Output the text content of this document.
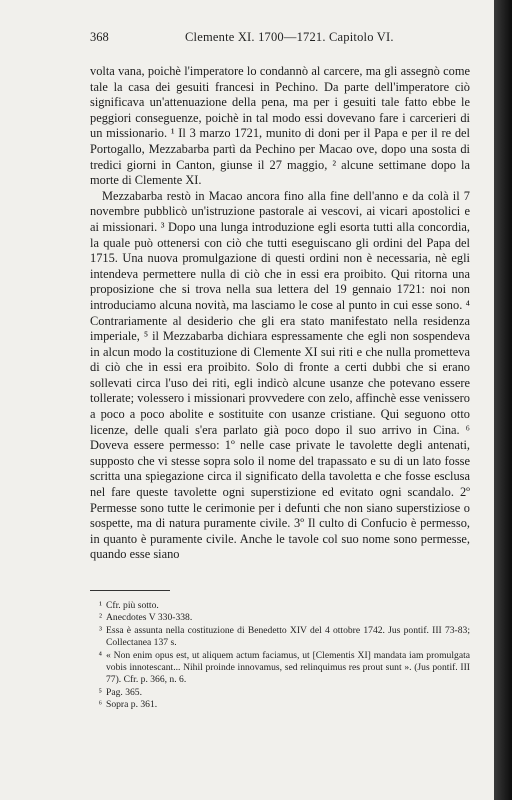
368	Clemente XI. 1700—1721. Capitolo VI.

volta vana, poichè l'imperatore lo condannò al carcere, ma gli assegnò come tale la casa dei gesuiti francesi in Pechino. Da parte dell'imperatore ciò significava un'attenuazione della pena, ma per i gesuiti tale fatto ebbe le peggiori conseguenze, poichè in tal modo essi dovevano fare i carcerieri di un missionario. ¹ Il 3 marzo 1721, munito di doni per il Papa e per il re del Portogallo, Mezzabarba partì da Pechino per Macao ove, dopo una sosta di tredici giorni in Canton, giunse il 27 maggio, ² alcune settimane dopo la morte di Clemente XI.

Mezzabarba restò in Macao ancora fino alla fine dell'anno e da colà il 7 novembre pubblicò un'istruzione pastorale ai vescovi, ai vicari apostolici e ai missionari. ³ Dopo una lunga introduzione egli esorta tutti alla concordia, la quale può ottenersi con ciò che tutti eseguiscano gli ordini del Papa del 1715. Una nuova promulgazione di questi ordini non è necessaria, nè egli intendeva permettere nulla di ciò che in essi era proibito. Qui ritorna una proposizione che si trova nella sua lettera del 19 gennaio 1721: noi non introduciamo alcuna novità, ma lasciamo le cose al punto in cui esse sono. ⁴ Contrariamente al desiderio che gli era stato manifestato nella residenza imperiale, ⁵ il Mezzabarba dichiara espressamente che egli non sospendeva in alcun modo la costituzione di Clemente XI sui riti e che nulla prometteva di ciò che in essi era proibito. Solo di fronte a certi dubbi che si erano sollevati circa l'uso dei riti, egli indicò alcune usanze che potevano essere tollerate; volessero i missionari provvedere con zelo, affinchè esse venissero a poco a poco abolite e sostituite con usanze cristiane. Qui seguono otto licenze, delle quali s'era parlato già poco dopo il suo arrivo in Cina. ⁶ Doveva essere permesso: 1º nelle case private le tavolette degli antenati, supposto che vi stesse sopra solo il nome del trapassato e su di un lato fosse scritta una spiegazione circa il significato della tavoletta e che fosse esclusa nel fare queste tavolette ogni superstizione ed evitato ogni scandalo. 2º Permesse sono tutte le cerimonie per i defunti che non siano superstiziose o sospette, ma di natura puramente civile. 3º Il culto di Confucio è permesso, in quanto è puramente civile. Anche le tavole col suo nome sono permesse, quando esse siano

¹ Cfr. più sotto.

² Anecdotes V 330-338.

³ Essa è assunta nella costituzione di Benedetto XIV del 4 ottobre 1742. Jus pontif. III 73-83; Collectanea 137 s.

⁴ « Non enim opus est, ut aliquem actum faciamus, ut [Clementis XI] mandata iam promulgata vobis innotescant... Nihil proinde innovamus, sed relinquimus res prout sunt ». (Jus pontif. III 77). Cfr. p. 366, n. 6.

⁵ Pag. 365.

⁶ Sopra p. 361.
